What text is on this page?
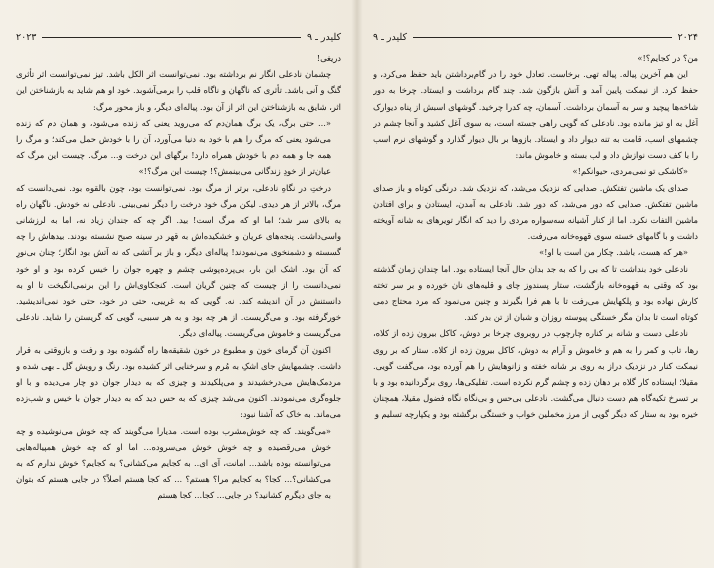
کلیدر ـ ۹
۲۰۲۳

دریغی!

چشمان نادعلی انگار نم برداشته بود. نمی‌توانست اثر الکل باشد. تیز نمی‌توانست اثر تأثری گنگ و آنی باشد. تأثری که ناگهان و ناگاه قلب را برمی‌آشوبد. خود او هم شاید به بازشناختن این اثر، شایق به بازشناختن این اثر از آن بود. پیاله‌ای دیگر، و باز محور مرگ:

«... حتی برگ، یک برگ همان‌دم که می‌روید یعنی که زنده می‌شود، و همان دم که زنده می‌شود یعنی که مرگ را هم با خود به دنیا می‌آورد، آن را با خودش حمل می‌کند؛ و مرگ را همه جا و همه دم با خودش همراه دارد! برگهای این درخت و... مرگ. چیست این مرگ که عیان‌تر از خودِ زندگانی می‌بینمش؟! چیست این مرگ؟!»

درختِ در نگاهِ نادعلی، برتر از مرگ بود. نمی‌توانست بود، چون بالقوه بود. نمی‌دانست که مرگ، بالاتر از هر دیدی. لیکن مرگ خود درخت را دیگر نمی‌بینی. نادعلی نه خودش. ناگهان راه به بالای سر شد؛ اما او که مرگ است! بید. اگر چه که جندان زیاد نه، اما به لرزشانی واسی‌داشت. پنجه‌های عریان و خشکیده‌اش به قهر در سینه صبح نشسته بودند. بید‌هاش را چه گسسته و دشمنخوی می‌نمودند! پیاله‌ای دیگر، و باز بر آتشی که نه آتش بود انگار؛ چنان بی‌نورِ که آن بود. اشک این بار، بی‌پرده‌پوشی چشم و چهره جوان را خیس کرده بود و او خود نمی‌دانست را از چیست که چنین گریان است. کنجکاوی‌اش را این برنمی‌انگیخت تا او به دانستنش در آن اندیشه کند. نه. گویی که به غریبی، حتی در خود، حتی خود نمی‌اندیشید. خورگرفته بود. و می‌گریست. از هر چه بود و به هر سببی، گویی که گریستن را شاید. نادعلی می‌گریست و خاموش می‌گریست. پیاله‌ای دیگر.

اکنون آن گرمای خون و مطبوع در خون شقیقه‌ها راه گشوده بود و رفت و بازوقتی به قرار داشت. چشمهایش جای اشکِ به مُرم و سرخنایی اثر کشیده بود. رنگ و رویش گل ـ بهی شده و مردمک‌هایش می‌درخشیدند و می‌پلکیدند و چیزی که به دیدار جوان دو چار می‌دیده و با او جلوه‌گری می‌نمودند. اکنون می‌شد چیزی که به حس دید که به دیدار جوان با خیس و شب‌زده می‌ماند. به خاک که آشنا نبود:

«می‌گویند. که چه خوش‌مشرب بوده است. مدیارا می‌گویند که چه خوش می‌نوشیده و چه خوش می‌رقصیده و چه خوش خوش می‌سروده... اما او که چه خوش همپیاله‌هایی می‌توانسته بوده باشد... امانت، آی ای.. به کجایم می‌کشانی؟ به کجایم؟ خوش ندارم که به می‌کشانی؟... کجا؟ به کجایم مرا؟ هستم؟ ... که کجا هستم اصلاً؟ در جایی هستم که بتوان به جای دیگرم کشانید؟ در جایی... کجا... کجا هستم

۲۰۲۴
کلیدر ـ ۹

من؟ در کجایم؟!»

این هم آخرین پیاله. پیاله تهی. برخاست. تعادل خود را در گام‌برداشتن باید حفظ می‌کرد، و حفظ کرد. از نیمکت پایین آمد و آتش بازگون شد. چند گام برداشت و ایستاد. چرخا به دور شاخه‌ها پیچید و سر به آسمان برداشت. آسمان، چه کدرا چرخید. گوشهای اسبش از پناه دیوارک آغل به او تیز مانده بود. نادعلی که گویی راهی جسته است، به سوی آغل کشید و آنجا چشم در چشمهای اسب، قامت به تنه دیوار داد و ایستاد. بازوها بر بال دیوار گذارد و گوشهای نرم اسب را با کف دست نوازش داد و لب بسته و خاموش ماند:

«کاشکی تو نمی‌مردی، حیوانکم!»

صدای یک ماشین تفتکش. صدایی که نزدیک می‌شد، که نزدیک شد. درنگی کوتاه و باز صدای ماشین تفتکش. صدایی که دور می‌شد، که دور شد. نادعلی به آمدن، ایستادن و برای افتادن ماشین التفات نکرد. اما از کنار آشیانه سه‌سواره مردی را دید که انگار تویرهای به شانه آویخته داشت و با گامهای خسته سوی قهوه‌خانه می‌رفت.

«هر که هست، باشد. چکار من است با او!»

نادعلی خود بنداشت تا که بی را که به جد بدان حال آنجا ایستاده بود. اما چندان زمان گذشته بود که وقتی به قهوه‌خانه بازگشت، ستار پسندوز چای و قلیه‌های نان خورده و بر سر تخته کارش نهاده بود و پلکهایش می‌رفت تا با هم فرا بگیرند و چنین می‌نمود که مرد محتاج دمی کوتاه است تا بدان مگر خستگی پیوسته روزان و شبان از تن بدر کند.

نادعلی دست و شانه بر کناره چارچوب در روبروی چرخا بر دوش، کاکل بیرون زده از کلاه، رها، تاب و کمر را به هم و خاموش و آرام به دوش، کاکل بیرون زده از کلاه. ستار که بر روی نیمکت کنار در نزدیک دراز به روی بر شانه خفته و زانوهایش را هم آورده بود، می‌گفت گویی. مقیلا؛ ایستاده کار گلاه بر دهان زده و چشم گرم نکرده است. تفلیکی‌ها، روی برگردانیده بود و با بر تسرخ تکیه‌گاه هم دست دنبال می‌گشت. نادعلی بی‌حس و بی‌نگاه نگاه فضول مقیلا، همچنان خیره بود به ستار که دیگر گویی از مرز مخملین خواب و خستگی برگشته بود و یکپارچه تسلیم و
